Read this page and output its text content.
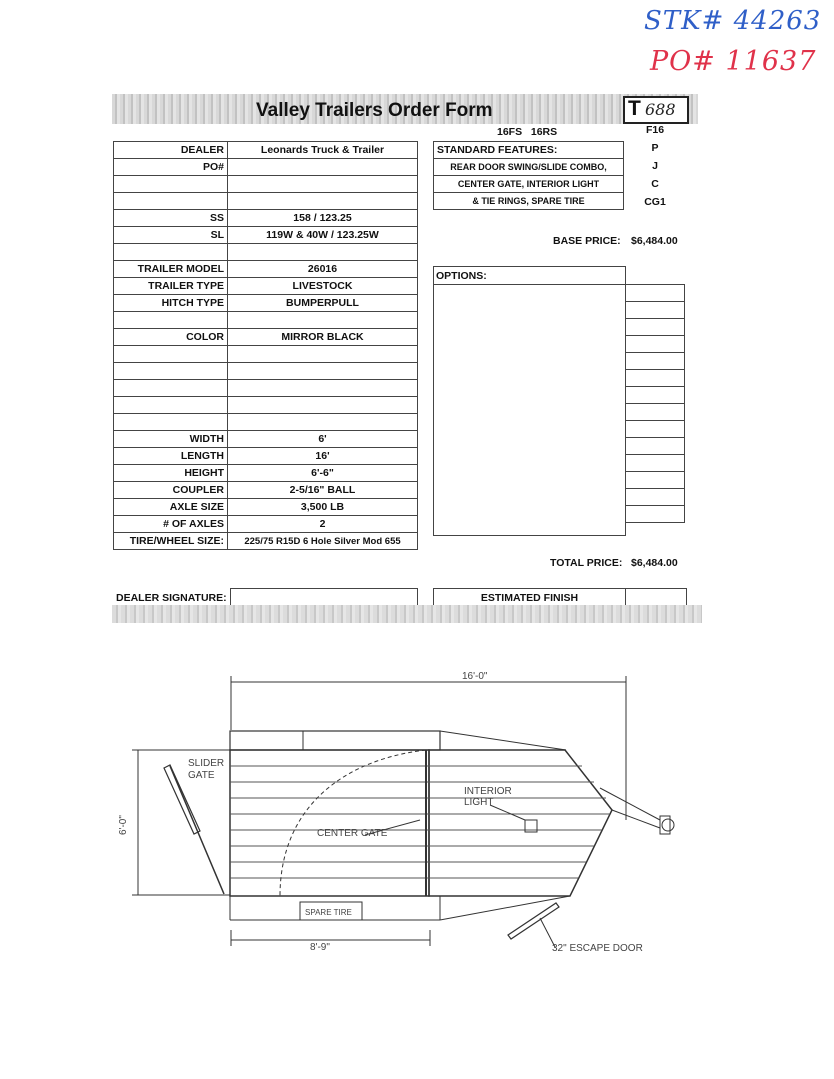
STK# 44263
PO# 11637
Valley Trailers Order Form	T 688
16FS   16RS
DEALER	Leonards Truck & Trailer
PO#	

SS	158 / 123.25
SL	119W & 40W / 123.25W

TRAILER MODEL	26016
TRAILER TYPE	LIVESTOCK
HITCH TYPE	BUMPERPULL

COLOR	MIRROR BLACK

WIDTH	6'
LENGTH	16'
HEIGHT	6'-6"
COUPLER	2-5/16" BALL
AXLE SIZE	3,500 LB
# OF AXLES	2
TIRE/WHEEL SIZE:	225/75 R15D 6 Hole Silver Mod 655
STANDARD FEATURES:
REAR DOOR SWING/SLIDE COMBO,
CENTER GATE, INTERIOR LIGHT
& TIE RINGS, SPARE TIRE
F16
P
J
C
CG1
BASE PRICE: $6,484.00
OPTIONS:
TOTAL PRICE: $6,484.00
DEALER SIGNATURE:	ESTIMATED FINISH
16'-0"
6'-0"
SLIDER
GATE
INTERIOR
LIGHT
CENTER GATE
SPARE TIRE
8'-9"	32" ESCAPE DOOR
